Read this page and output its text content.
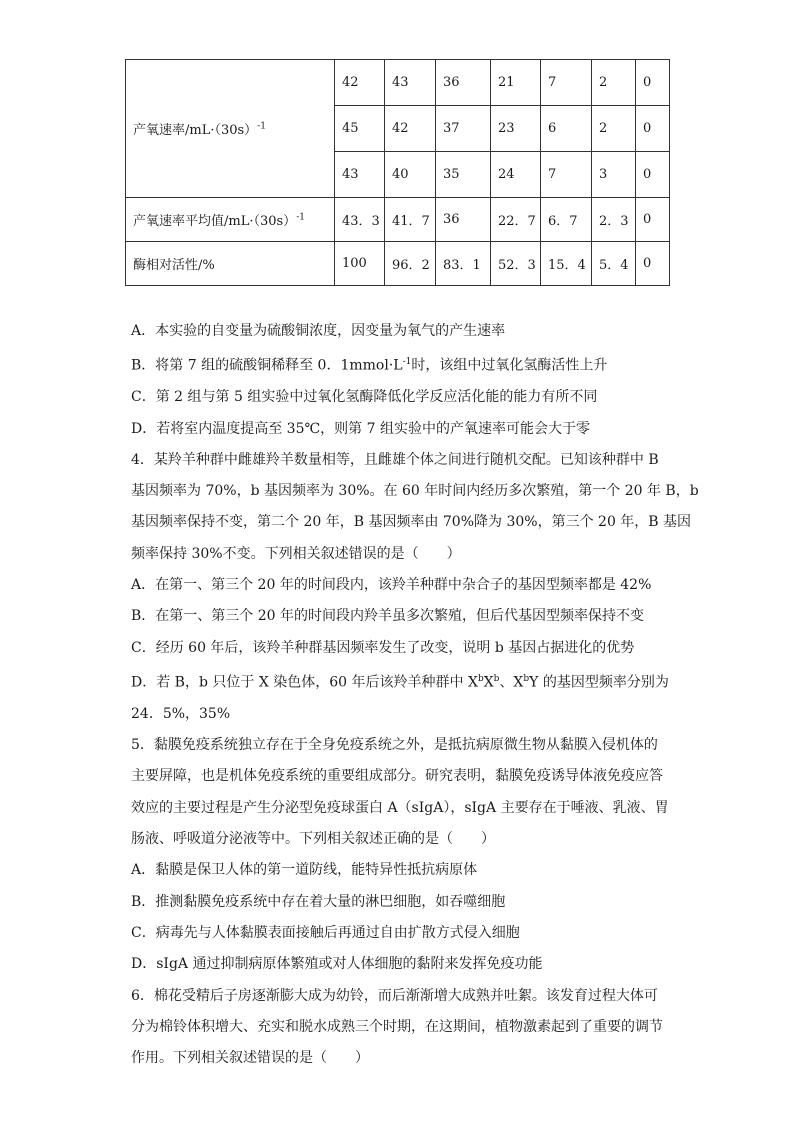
产氧速率$/mL\cdot(30s)^{-1}$	42	43	36	21	7	2	0
	45	42	37	23	6	2	0
	43	40	35	24	7	3	0
产氧速率平均值$/mL\cdot(30s)^{-1}$	43．3	41．7	36	22．7	6．7	2．3	0
酶相对活性/%	100	96．2	83．1	52．3	15．4	5．4	0

A．本实验的自变量为硫酸铜浓度，因变量为氧气的产生速率

B．将第 7 组的硫酸铜稀释至 0．$1mmol\cdot L^{-1}$时，该组中过氧化氢酶活性上升

C．第 2 组与第 5 组实验中过氧化氢酶降低化学反应活化能的能力有所不同

D．若将室内温度提高至 35℃，则第 7 组实验中的产氧速率可能会大于零

4．某羚羊种群中雌雄羚羊数量相等，且雌雄个体之间进行随机交配。已知该种群中 B

基因频率为 70%，b 基因频率为 30%。在 60 年时间内经历多次繁殖，第一个 20 年 B，b

基因频率保持不变，第二个 20 年，B 基因频率由 70%降为 30%，第三个 20 年，B 基因

频率保持 30%不变。下列相关叙述错误的是（　　）

A．在第一、第三个 20 年的时间段内，该羚羊种群中杂合子的基因型频率都是 42%

B．在第一、第三个 20 年的时间段内羚羊虽多次繁殖，但后代基因型频率保持不变

C．经历 60 年后，该羚羊种群基因频率发生了改变，说明 b 基因占据进化的优势

D．若 B，b 只位于 X 染色体，60 年后该羚羊种群中 $X^bX^b$、$X^bY$ 的基因型频率分别为

24．5%，35%

5．黏膜免疫系统独立存在于全身免疫系统之外，是抵抗病原微生物从黏膜入侵机体的

主要屏障，也是机体免疫系统的重要组成部分。研究表明，黏膜免疫诱导体液免疫应答

效应的主要过程是产生分泌型免疫球蛋白 A（sIgA），sIgA 主要存在于唾液、乳液、胃

肠液、呼吸道分泌液等中。下列相关叙述正确的是（　　）

A．黏膜是保卫人体的第一道防线，能特异性抵抗病原体

B．推测黏膜免疫系统中存在着大量的淋巴细胞，如吞噬细胞

C．病毒先与人体黏膜表面接触后再通过自由扩散方式侵入细胞

D．sIgA 通过抑制病原体繁殖或对人体细胞的黏附来发挥免疫功能

6．棉花受精后子房逐渐膨大成为幼铃，而后渐渐增大成熟并吐絮。该发育过程大体可

分为棉铃体积增大、充实和脱水成熟三个时期，在这期间，植物激素起到了重要的调节

作用。下列相关叙述错误的是（　　）
